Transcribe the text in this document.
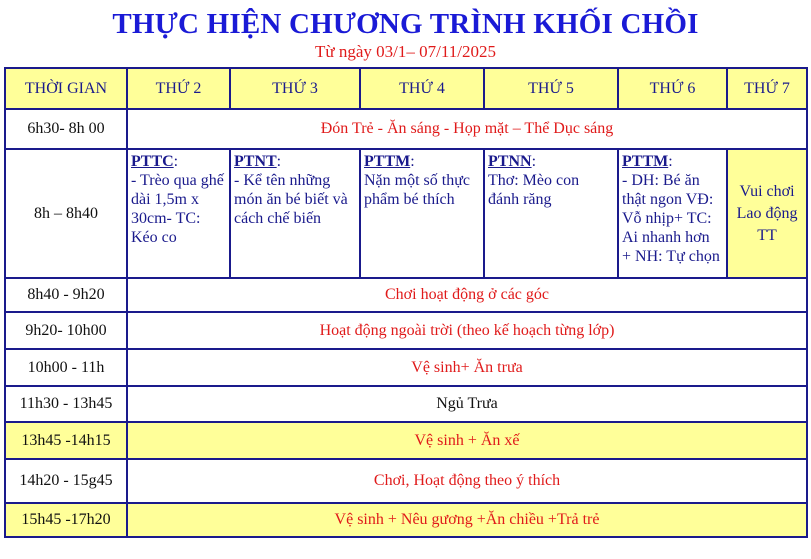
THỰC HIỆN CHƯƠNG TRÌNH KHỐI CHỒI
Từ ngày 03/1– 07/11/2025
THỜI GIAN	THỨ 2	THỨ 3	THỨ 4	THỨ 5	THỨ 6	THỨ 7
6h30- 8h 00	Đón Trẻ - Ăn sáng - Họp mặt – Thể Dục sáng					
8h – 8h40	PTTC:

- Trèo qua ghế dài 1,5m x 30cm- TC: Kéo co	PTNT:

- Kể tên những món ăn bé biết và cách chế biến	PTTM:

Nặn một số thực phẩm bé thích	PTNN:

Thơ: Mèo con đánh răng	PTTM:

- DH: Bé ăn thật ngon VĐ: Vỗ nhịp+ TC: Ai nhanh hơn
+ NH: Tự chọn	Vui chơi
Lao động
TT
8h40 - 9h20	Chơi hoạt động ở các góc					
9h20- 10h00	Hoạt động ngoài trời (theo kế hoạch từng lớp)					
10h00 - 11h	Vệ sinh+ Ăn trưa					
11h30 - 13h45	Ngủ Trưa					
13h45 -14h15	Vệ sinh + Ăn xế					
14h20 - 15g45	Chơi, Hoạt động theo ý thích					
15h45 -17h20	Vệ sinh + Nêu gương +Ăn chiều +Trả trẻ					
